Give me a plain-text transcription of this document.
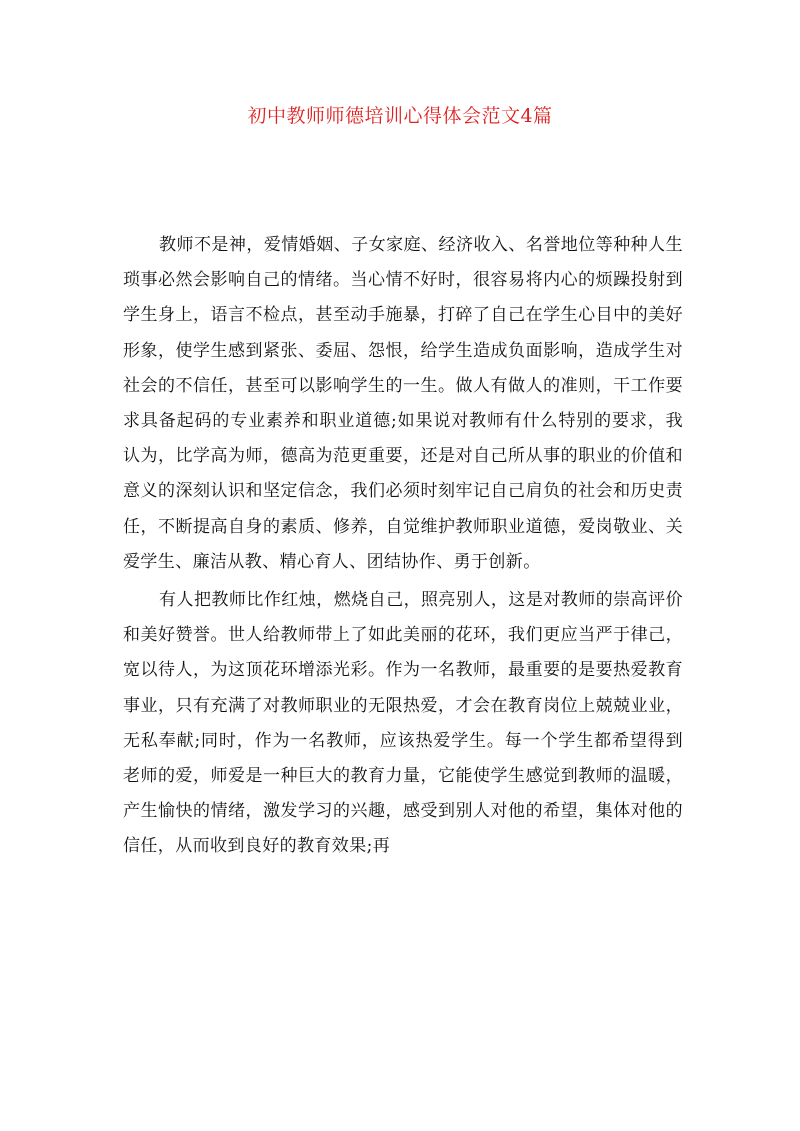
初中教师师德培训心得体会范文4篇

教师不是神，爱情婚姻、子女家庭、经济收入、名誉地位等种种人生琐事必然会影响自己的情绪。当心情不好时，很容易将内心的烦躁投射到学生身上，语言不检点，甚至动手施暴，打碎了自己在学生心目中的美好形象，使学生感到紧张、委屈、怨恨，给学生造成负面影响，造成学生对社会的不信任，甚至可以影响学生的一生。做人有做人的准则，干工作要求具备起码的专业素养和职业道德;如果说对教师有什么特别的要求，我认为，比学高为师，德高为范更重要，还是对自己所从事的职业的价值和意义的深刻认识和坚定信念，我们必须时刻牢记自己肩负的社会和历史责任，不断提高自身的素质、修养，自觉维护教师职业道德，爱岗敬业、关爱学生、廉洁从教、精心育人、团结协作、勇于创新。

有人把教师比作红烛，燃烧自己，照亮别人，这是对教师的崇高评价和美好赞誉。世人给教师带上了如此美丽的花环，我们更应当严于律己，宽以待人，为这顶花环增添光彩。作为一名教师，最重要的是要热爱教育事业，只有充满了对教师职业的无限热爱，才会在教育岗位上兢兢业业，无私奉献;同时，作为一名教师，应该热爱学生。每一个学生都希望得到老师的爱，师爱是一种巨大的教育力量，它能使学生感觉到教师的温暖，产生愉快的情绪，激发学习的兴趣，感受到别人对他的希望，集体对他的信任，从而收到良好的教育效果;再
